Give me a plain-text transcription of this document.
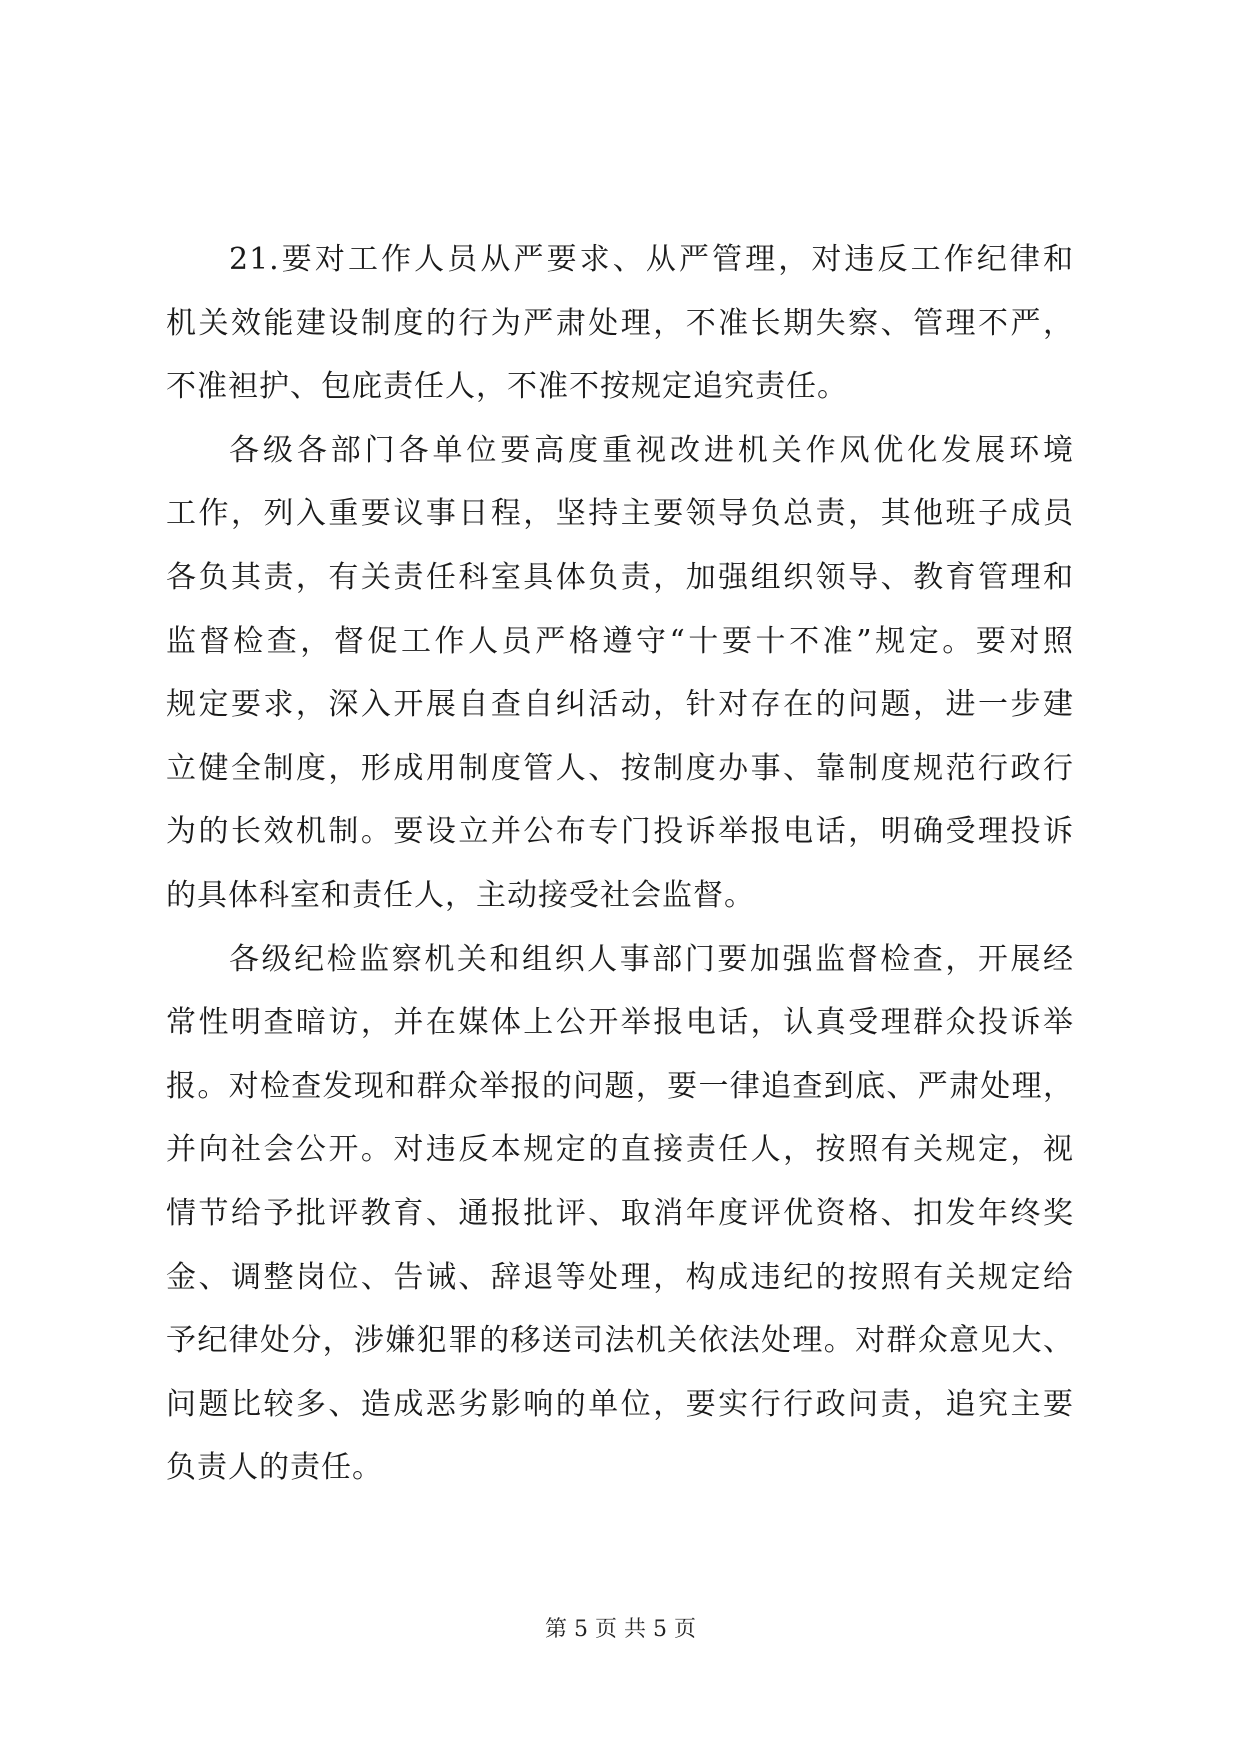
21.要对工作人员从严要求、从严管理，对违反工作纪律和
机关效能建设制度的行为严肃处理，不准长期失察、管理不严，
不准袒护、包庇责任人，不准不按规定追究责任。
各级各部门各单位要高度重视改进机关作风优化发展环境
工作，列入重要议事日程，坚持主要领导负总责，其他班子成员
各负其责，有关责任科室具体负责，加强组织领导、教育管理和
监督检查，督促工作人员严格遵守“十要十不准”规定。要对照
规定要求，深入开展自查自纠活动，针对存在的问题，进一步建
立健全制度，形成用制度管人、按制度办事、靠制度规范行政行
为的长效机制。要设立并公布专门投诉举报电话，明确受理投诉
的具体科室和责任人，主动接受社会监督。
各级纪检监察机关和组织人事部门要加强监督检查，开展经
常性明查暗访，并在媒体上公开举报电话，认真受理群众投诉举
报。对检查发现和群众举报的问题，要一律追查到底、严肃处理，
并向社会公开。对违反本规定的直接责任人，按照有关规定，视
情节给予批评教育、通报批评、取消年度评优资格、扣发年终奖
金、调整岗位、告诫、辞退等处理，构成违纪的按照有关规定给
予纪律处分，涉嫌犯罪的移送司法机关依法处理。对群众意见大、
问题比较多、造成恶劣影响的单位，要实行行政问责，追究主要
负责人的责任。
第 5 页 共 5 页
